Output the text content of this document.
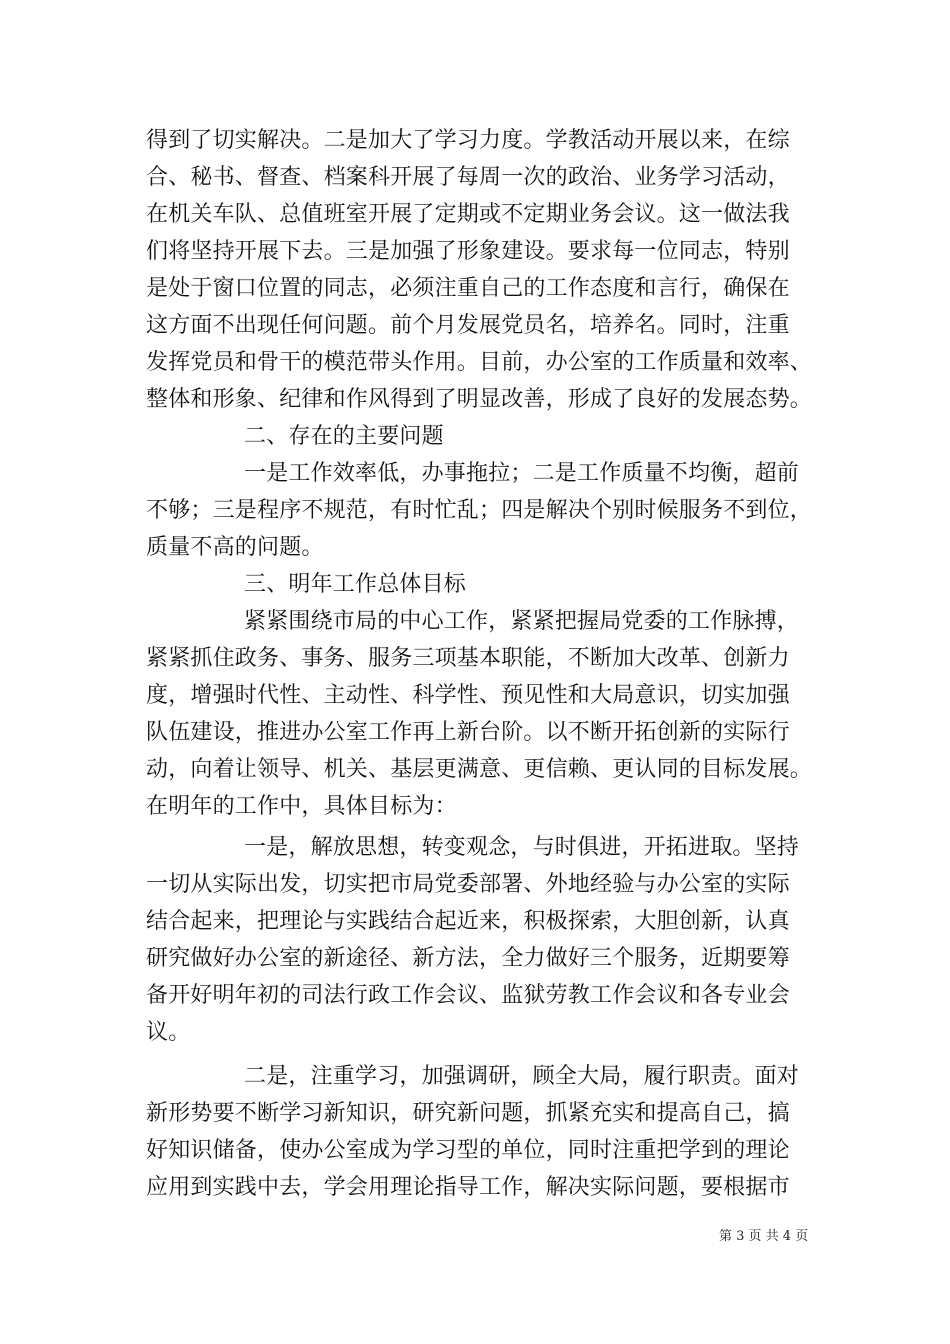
得到了切实解决。二是加大了学习力度。学教活动开展以来，在综
合、秘书、督查、档案科开展了每周一次的政治、业务学习活动，
在机关车队、总值班室开展了定期或不定期业务会议。这一做法我
们将坚持开展下去。三是加强了形象建设。要求每一位同志，特别
是处于窗口位置的同志，必须注重自己的工作态度和言行，确保在
这方面不出现任何问题。前个月发展党员名，培养名。同时，注重
发挥党员和骨干的模范带头作用。目前，办公室的工作质量和效率、
整体和形象、纪律和作风得到了明显改善，形成了良好的发展态势。
二、存在的主要问题
一是工作效率低，办事拖拉；二是工作质量不均衡，超前
不够；三是程序不规范，有时忙乱；四是解决个别时候服务不到位，
质量不高的问题。
三、明年工作总体目标
紧紧围绕市局的中心工作，紧紧把握局党委的工作脉搏，
紧紧抓住政务、事务、服务三项基本职能，不断加大改革、创新力
度，增强时代性、主动性、科学性、预见性和大局意识，切实加强
队伍建设，推进办公室工作再上新台阶。以不断开拓创新的实际行
动，向着让领导、机关、基层更满意、更信赖、更认同的目标发展。
在明年的工作中，具体目标为：
一是，解放思想，转变观念，与时俱进，开拓进取。坚持
一切从实际出发，切实把市局党委部署、外地经验与办公室的实际
结合起来，把理论与实践结合起近来，积极探索，大胆创新，认真
研究做好办公室的新途径、新方法，全力做好三个服务，近期要筹
备开好明年初的司法行政工作会议、监狱劳教工作会议和各专业会
议。
二是，注重学习，加强调研，顾全大局，履行职责。面对
新形势要不断学习新知识，研究新问题，抓紧充实和提高自己，搞
好知识储备，使办公室成为学习型的单位，同时注重把学到的理论
应用到实践中去，学会用理论指导工作，解决实际问题，要根据市
第 3 页 共 4 页
